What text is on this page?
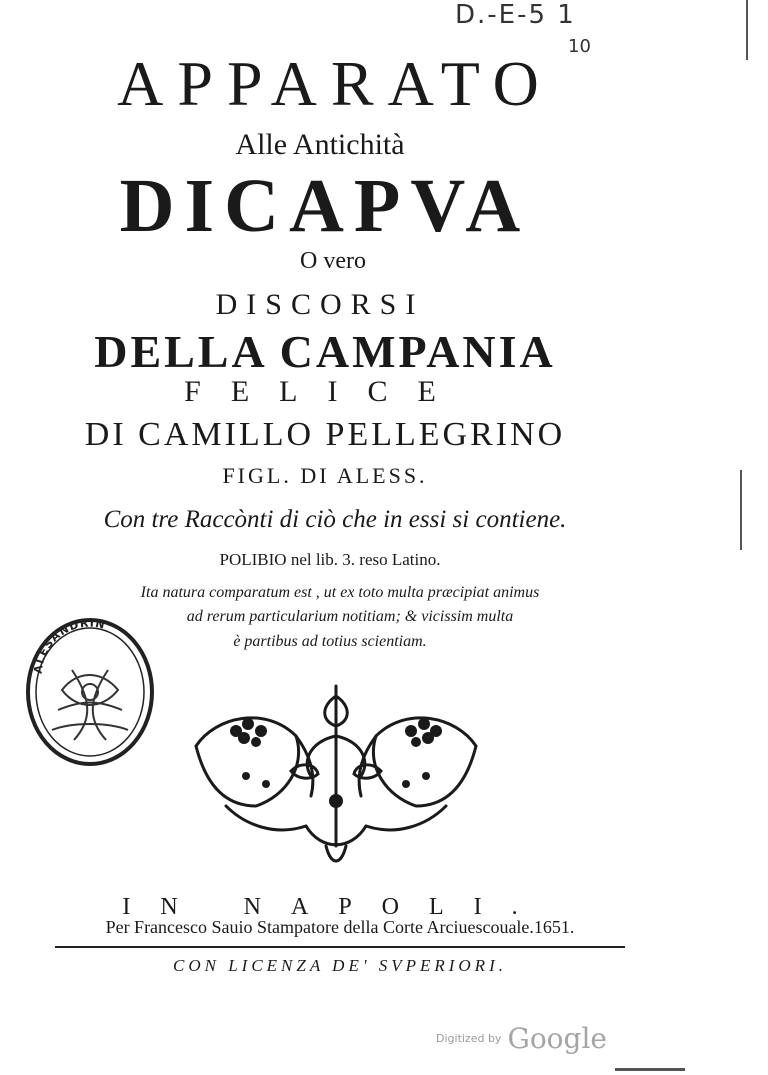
D.-E-5 1
10
APPARATO
Alle Antichità
DICAPVA
O vero
DISCORSI
DELLA CAMPANIA
FELICE
DI CAMILLO PELLEGRINO
FIGL. DI ALESS.
Con tre Raccònti di ciò che in essi si contiene.
POLIBIO nel lib. 3. reso Latino.
Ita natura comparatum est , ut ex toto multa præcipiat animus
ad rerum particularium notitiam; & vicissim multa
è partibus ad totius scientiam.
ALESANDRIN
IN NAPOLI.
Per Francesco Sauio Stampatore della Corte Arciuescouale.1651.
CON LICENZA DE' SVPERIORI.
Digitized by Google
